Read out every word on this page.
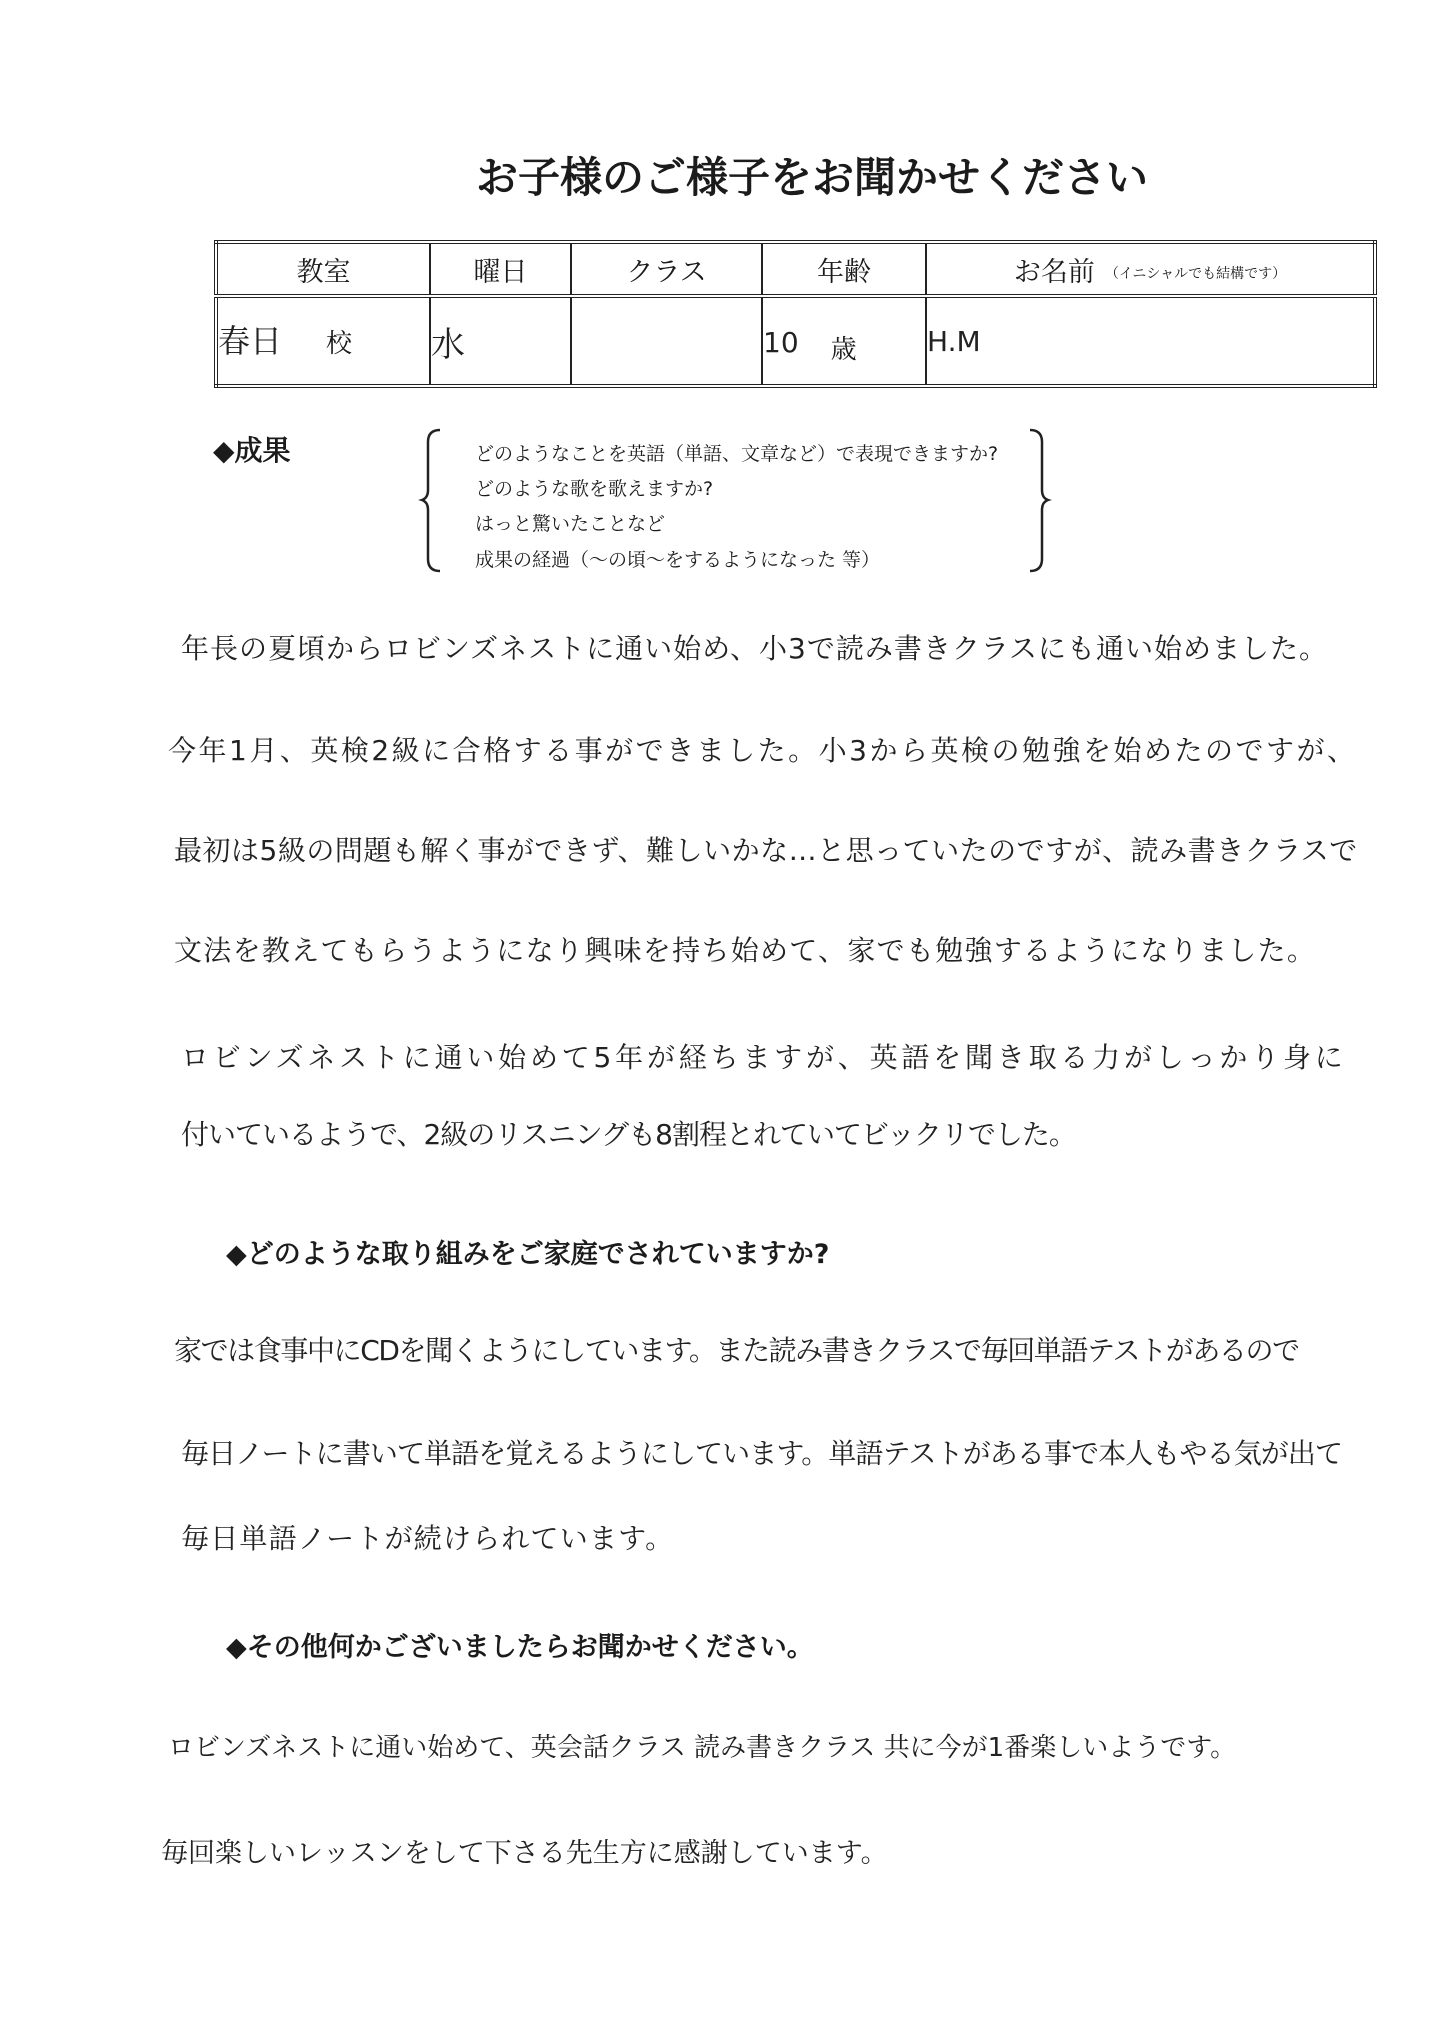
お子様のご様子をお聞かせください
教室	曜日	クラス	年齢	お名前 （イニシャルでも結構です）
春日 校	水		10 歳	H.M
◆成果	どのようなことを英語（単語、文章など）で表現できますか?
どのような歌を歌えますか?
はっと驚いたことなど
成果の経過（～の頃～をするようになった 等）
年長の夏頃からロビンズネストに通い始め、小3で読み書きクラスにも通い始めました。
今年1月、英検2級に合格する事ができました。小3から英検の勉強を始めたのですが、
最初は5級の問題も解く事ができず、難しいかな…と思っていたのですが、読み書きクラスで
文法を教えてもらうようになり興味を持ち始めて、家でも勉強するようになりました。
ロビンズネストに通い始めて5年が経ちますが、英語を聞き取る力がしっかり身に
付いているようで、2級のリスニングも8割程とれていてビックリでした。
◆どのような取り組みをご家庭でされていますか?
家では食事中にCDを聞くようにしています。また読み書きクラスで毎回単語テストがあるので
毎日ノートに書いて単語を覚えるようにしています。単語テストがある事で本人もやる気が出て
毎日単語ノートが続けられています。
◆その他何かございましたらお聞かせください。
ロビンズネストに通い始めて、英会話クラス 読み書きクラス 共に今が1番楽しいようです。
毎回楽しいレッスンをして下さる先生方に感謝しています。
